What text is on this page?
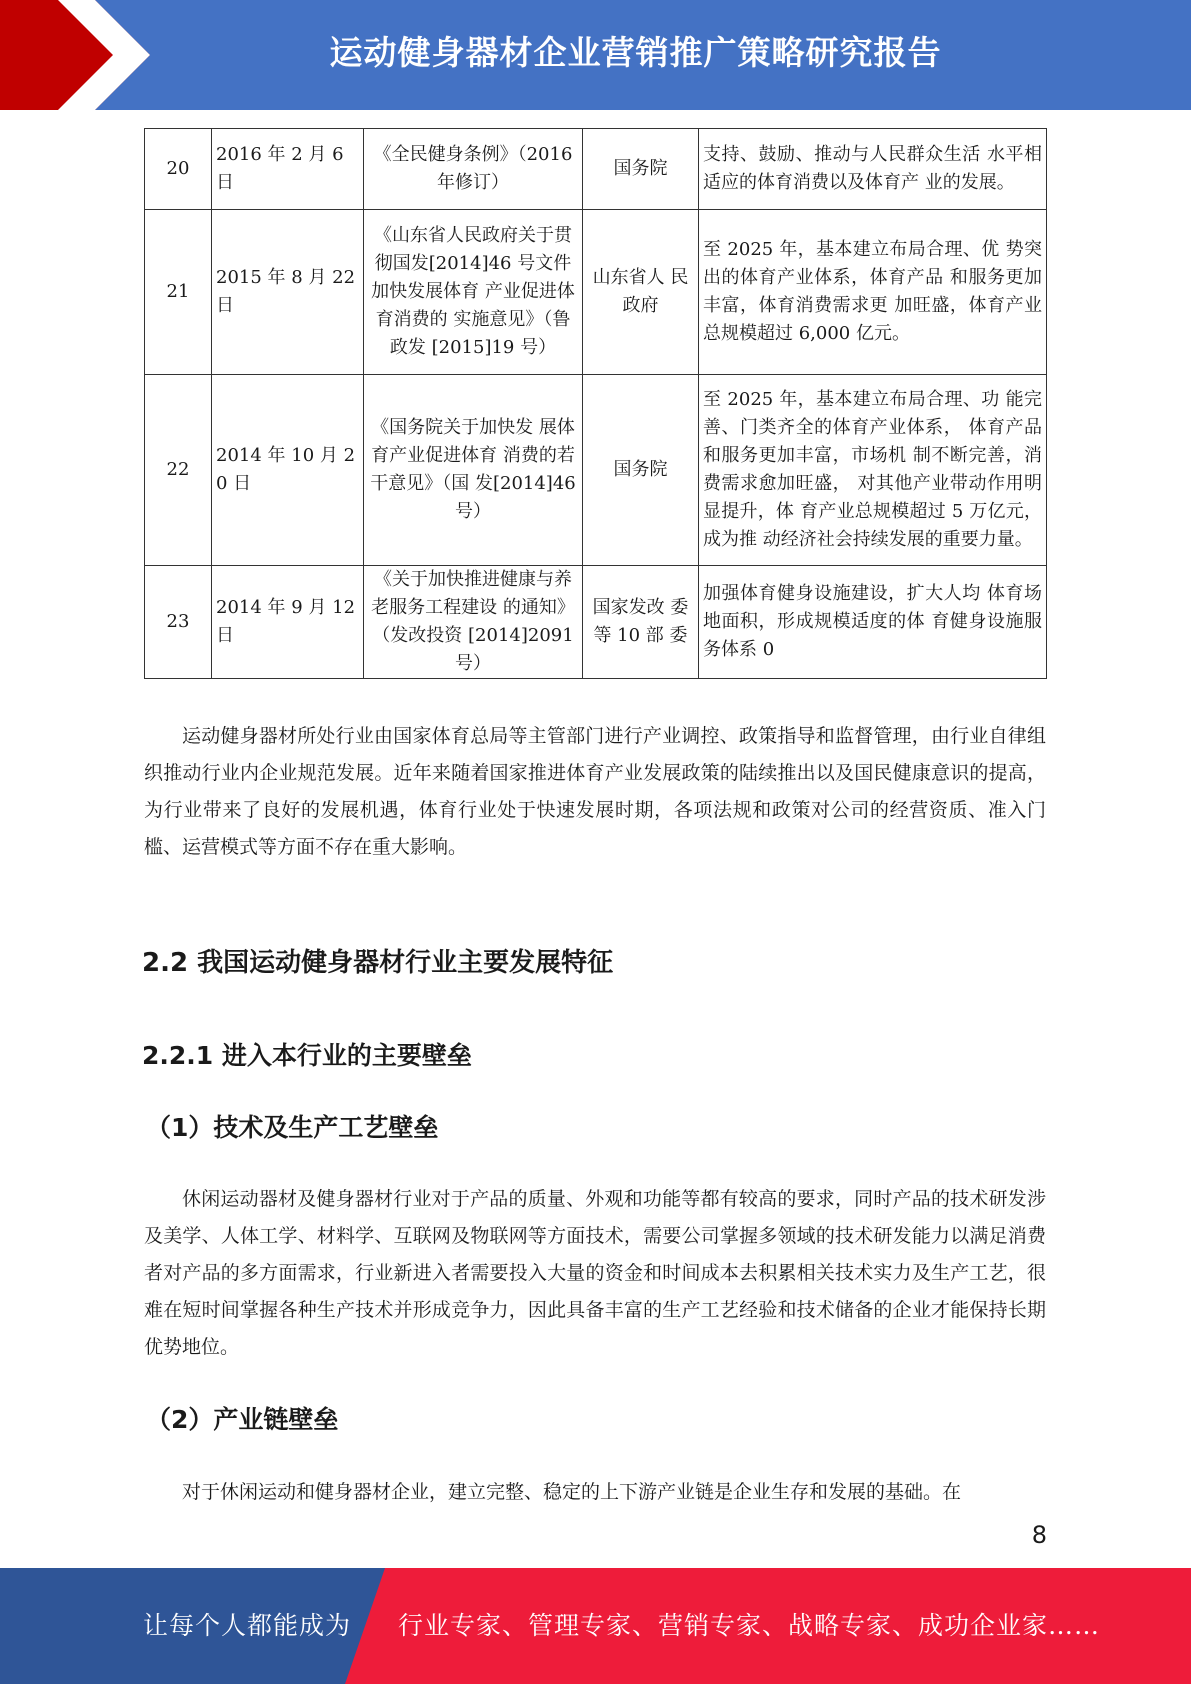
运动健身器材企业营销推广策略研究报告
20	2016 年 2 月 6 日	《全民健身条例》（2016 年修订）	国务院	支持、鼓励、推动与人民群众生活 水平相适应的体育消费以及体育产 业的发展。
21	2015 年 8 月 22 日	《山东省人民政府关于贯彻国发[2014]46 号文件加快发展体育 产业促进体育消费的 实施意见》（鲁政发 [2015]19 号）	山东省人 民政府	至 2025 年，基本建立布局合理、优 势突出的体育产业体系，体育产品 和服务更加丰富，体育消费需求更 加旺盛，体育产业总规模超过 6,000 亿元。
22	2014 年 10 月 20 日	《国务院关于加快发 展体育产业促进体育 消费的若干意见》（国 发[2014]46 号）	国务院	至 2025 年，基本建立布局合理、功 能完善、门类齐全的体育产业体系， 体育产品和服务更加丰富，市场机 制不断完善，消费需求愈加旺盛， 对其他产业带动作用明显提升，体 育产业总规模超过 5 万亿元，成为推 动经济社会持续发展的重要力量。
23	2014 年 9 月 12 日	《关于加快推进健康与养老服务工程建设 的通知》（发改投资 [2014]2091 号）	国家发改 委等 10 部 委	加强体育健身设施建设，扩大人均 体育场地面积，形成规模适度的体 育健身设施服务体系 0

运动健身器材所处行业由国家体育总局等主管部门进行产业调控、政策指导和监督管理，由行业自律组织推动行业内企业规范发展。近年来随着国家推进体育产业发展政策的陆续推出以及国民健康意识的提高，为行业带来了良好的发展机遇，体育行业处于快速发展时期，各项法规和政策对公司的经营资质、准入门槛、运营模式等方面不存在重大影响。

2.2 我国运动健身器材行业主要发展特征
2.2.1 进入本行业的主要壁垒
（1）技术及生产工艺壁垒

休闲运动器材及健身器材行业对于产品的质量、外观和功能等都有较高的要求，同时产品的技术研发涉及美学、人体工学、材料学、互联网及物联网等方面技术，需要公司掌握多领域的技术研发能力以满足消费者对产品的多方面需求，行业新进入者需要投入大量的资金和时间成本去积累相关技术实力及生产工艺，很难在短时间掌握各种生产技术并形成竞争力，因此具备丰富的生产工艺经验和技术储备的企业才能保持长期优势地位。

（2）产业链壁垒

对于休闲运动和健身器材企业，建立完整、稳定的上下游产业链是企业生存和发展的基础。在

8
让每个人都能成为 行业专家、管理专家、营销专家、战略专家、成功企业家……
